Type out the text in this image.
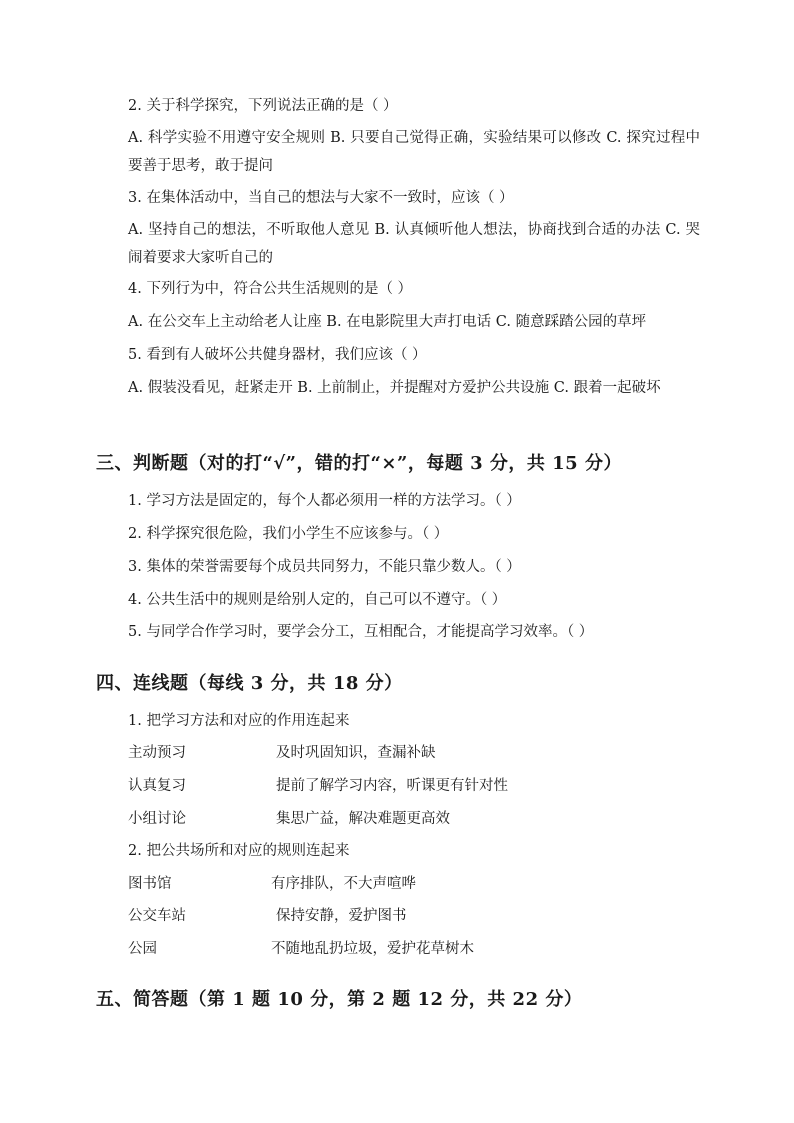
2. 关于科学探究，下列说法正确的是（ ）
A. 科学实验不用遵守安全规则 B. 只要自己觉得正确，实验结果可以修改 C. 探究过程中要善于思考，敢于提问
3. 在集体活动中，当自己的想法与大家不一致时，应该（ ）
A. 坚持自己的想法，不听取他人意见 B. 认真倾听他人想法，协商找到合适的办法 C. 哭闹着要求大家听自己的
4. 下列行为中，符合公共生活规则的是（ ）
A. 在公交车上主动给老人让座 B. 在电影院里大声打电话 C. 随意踩踏公园的草坪
5. 看到有人破坏公共健身器材，我们应该（ ）
A. 假装没看见，赶紧走开 B. 上前制止，并提醒对方爱护公共设施 C. 跟着一起破坏
三、判断题（对的打“√”，错的打“×”，每题 3 分，共 15 分）
1. 学习方法是固定的，每个人都必须用一样的方法学习。（ ）
2. 科学探究很危险，我们小学生不应该参与。（ ）
3. 集体的荣誉需要每个成员共同努力，不能只靠少数人。（ ）
4. 公共生活中的规则是给别人定的，自己可以不遵守。（ ）
5. 与同学合作学习时，要学会分工，互相配合，才能提高学习效率。（ ）
四、连线题（每线 3 分，共 18 分）
1. 把学习方法和对应的作用连起来
主动预习	及时巩固知识，查漏补缺
认真复习	提前了解学习内容，听课更有针对性
小组讨论	集思广益，解决难题更高效
2. 把公共场所和对应的规则连起来
图书馆	有序排队，不大声喧哗
公交车站	保持安静，爱护图书
公园	不随地乱扔垃圾，爱护花草树木
五、简答题（第 1 题 10 分，第 2 题 12 分，共 22 分）
